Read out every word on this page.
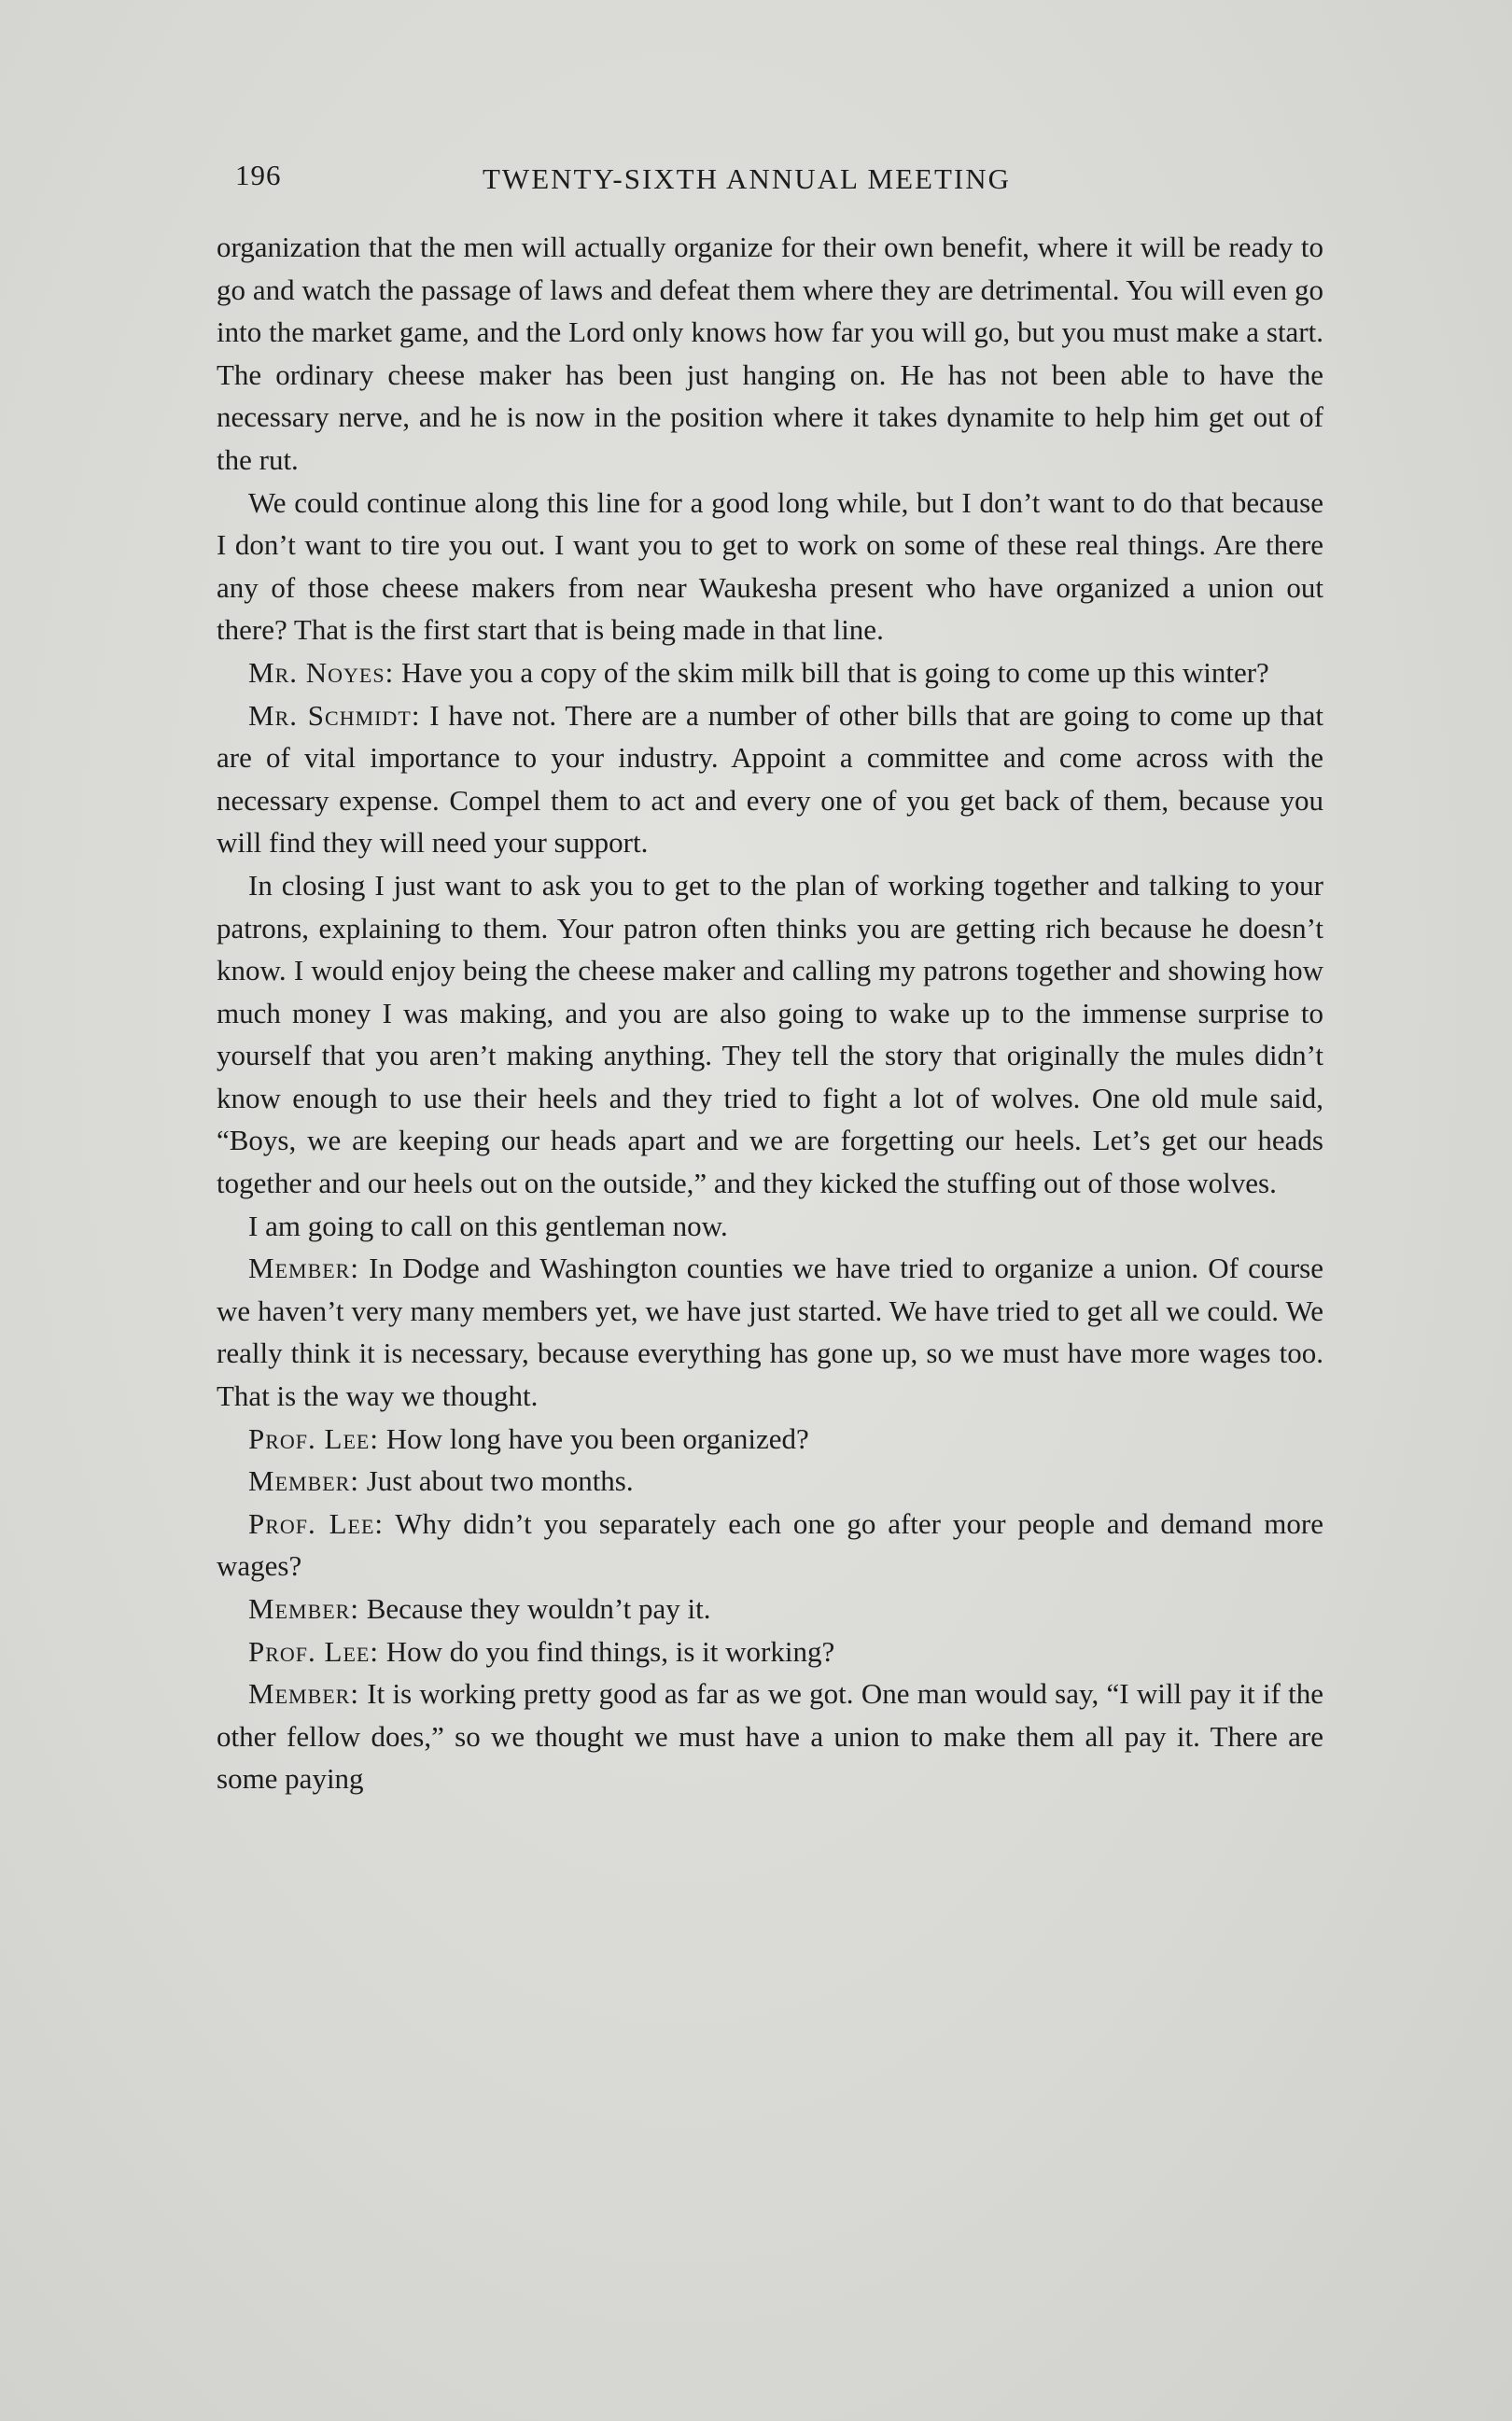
196	TWENTY-SIXTH ANNUAL MEETING

organization that the men will actually organize for their own benefit, where it will be ready to go and watch the passage of laws and defeat them where they are detrimental. You will even go into the market game, and the Lord only knows how far you will go, but you must make a start. The ordinary cheese maker has been just hanging on. He has not been able to have the necessary nerve, and he is now in the position where it takes dynamite to help him get out of the rut.

We could continue along this line for a good long while, but I don’t want to do that because I don’t want to tire you out. I want you to get to work on some of these real things. Are there any of those cheese makers from near Waukesha present who have organized a union out there? That is the first start that is being made in that line.

Mr. Noyes: Have you a copy of the skim milk bill that is going to come up this winter?

Mr. Schmidt: I have not. There are a number of other bills that are going to come up that are of vital importance to your industry. Appoint a committee and come across with the necessary expense. Compel them to act and every one of you get back of them, because you will find they will need your support.

In closing I just want to ask you to get to the plan of working together and talking to your patrons, explaining to them. Your patron often thinks you are getting rich because he doesn’t know. I would enjoy being the cheese maker and calling my patrons together and showing how much money I was making, and you are also going to wake up to the immense surprise to yourself that you aren’t making anything. They tell the story that originally the mules didn’t know enough to use their heels and they tried to fight a lot of wolves. One old mule said, “Boys, we are keeping our heads apart and we are forgetting our heels. Let’s get our heads together and our heels out on the outside,” and they kicked the stuffing out of those wolves.

I am going to call on this gentleman now.

Member: In Dodge and Washington counties we have tried to organize a union. Of course we haven’t very many members yet, we have just started. We have tried to get all we could. We really think it is necessary, because everything has gone up, so we must have more wages too. That is the way we thought.

Prof. Lee: How long have you been organized?

Member: Just about two months.

Prof. Lee: Why didn’t you separately each one go after your people and demand more wages?

Member: Because they wouldn’t pay it.

Prof. Lee: How do you find things, is it working?

Member: It is working pretty good as far as we got. One man would say, “I will pay it if the other fellow does,” so we thought we must have a union to make them all pay it. There are some paying
